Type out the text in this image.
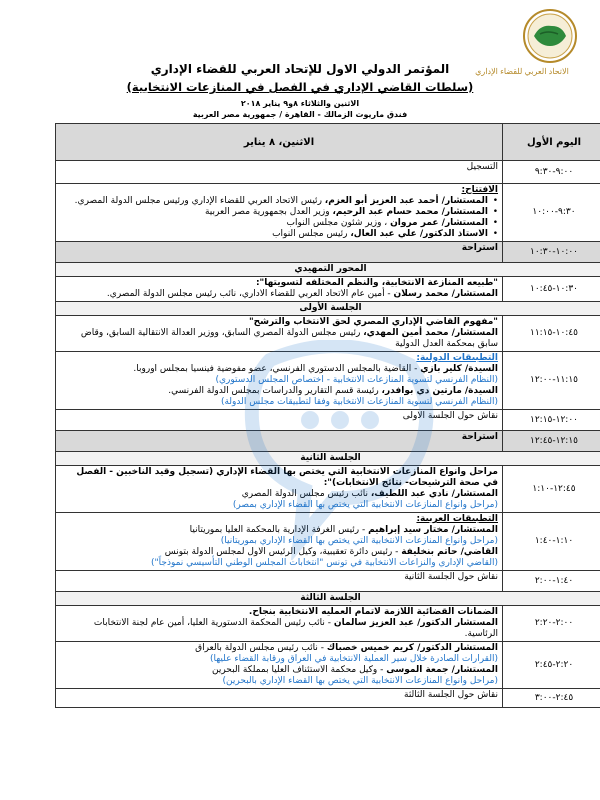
الاتحاد العربي للقضاء الإداري
المؤتمر الدولي الاول للإتحاد العربي للقضاء الإداري
(سلطات القاضي الإداري في الفصل في المنازعات الانتخابية)
الاثنين والثلاثاء ٨و٩ يناير ٢٠١٨
فندق ماريوت الزمالك - القاهرة / جمهورية مصر العربية
اليوم الأول	الاثنين، ٨ يناير
٩:٠٠-٩:٣٠	التسجيل
٩:٣٠-١٠:٠٠	الافتتاح:
• المستشار/ أحمد عبد العزيز أبو العزم، رئيس الاتحاد العربي للقضاء الإداري ورئيس مجلس الدولة المصري.
• المستشار/ محمد حسام عبد الرحيم، وزير العدل بجمهورية مصر العربية
• المستشار/ عمر مروان ، وزير شئون مجلس النواب
• الاستاذ الدكتور/ علي عبد العال، رئيس مجلس النواب

١٠:٠٠-١٠:٣٠	استراحة
المحور التمهيدي	
١٠:٣٠-١٠:٤٥	"طبيعه المنازعة الانتخابية، والنظم المختلفه لتسويتها":
المستشار/ محمد رسلان - أمين عام الاتحاد العربي للقضاء الاداري، نائب رئيس مجلس الدولة المصري.

الجلسة الأولى	
١٠:٤٥-١١:١٥	"مفهوم القاضي الإداري المصري لحق الانتخاب والترشح"
المستشار/ محمد أمين المهدي، رئيس مجلس الدولة المصري السابق، ووزير العدالة الانتقالية السابق، وقاض سابق بمحكمة العدل الدولية

١١:١٥-١٢:٠٠	التطبيقات الدولية:
السيدة/ كلير بازي - القاضية بالمجلس الدستوري الفرنسي، عضو مفوضية فينسيا بمجلس اوروبا.
(النظام الفرنسي لتسوية المنازعات الانتخابية - اختصاص المجلس الدستوري)
السيدة/ مارتين دي بوافدر، رئيسة قسم التقارير والدراسات بمجلس الدولة الفرنسي.
(النظام الفرنسي لتسوية المنازعات الانتخابية وفقا لتطبيقات مجلس الدولة)

١٢:٠٠-١٢:١٥	نقاش حول الجلسة الاولى
١٢:١٥-١٢:٤٥	استراحة
الجلسة الثانية	
١٢:٤٥-١:١٠	مراحل وانواع المنازعات الانتخابية التي يختص بها القضاء الإداري (تسجيل وقيد الناخبين - الفصل في صحة الترشيحات- نتائج الانتخابات)":
المستشار/ نادي عبد اللطيف، نائب رئيس مجلس الدولة المصري
(مراحل وانواع المنازعات الانتخابية التي يختص بها القضاء الإداري بمصر)

١:١٠-١:٤٠	التطبيقات العربية:
المستشار/ مختار سيد إبراهيم - رئيس الغرفة الإدارية بالمحكمة العليا بموريتانيا
(مراحل وانواع المنازعات الانتخابية التي يختص بها القضاء الإداري بموريتانيا)
القاضي/ حاتم بنخليفة - رئيس دائرة تعقيبية، وكيل الرئيس الاول لمجلس الدولة بتونس
(القاضي الإداري والنزاعات الانتخابية في تونس "انتخابات المجلس الوطني التأسيسي نموذجاً")

١:٤٠-٢:٠٠	نقاش حول الجلسة الثانية
الجلسة الثالثة	
٢:٠٠-٢:٢٠	الضمانات القضائية اللازمة لاتمام العمليه الانتخابية بنجاح.
المستشار الدكتور/ عبد العزيز سالمان - نائب رئيس المحكمة الدستورية العليا، أمين عام لجنة الانتخابات الرئاسية.

٢:٢٠-٢:٤٥	المستشار الدكتور/ كريم خميس خصباك - نائب رئيس مجلس الدولة بالعراق
(القرارات الصادرة خلال سير العملية الانتخابية في العراق ورقابة القضاء عليها)
المستشار/ جمعة الموسى - وكيل محكمة الاستئناف العليا بمملكة البحرين
(مراحل وانواع المنازعات الانتخابية التي يختص بها القضاء الإداري بالبحرين)

٢:٤٥-٣:٠٠	نقاش حول الجلسة الثالثة
